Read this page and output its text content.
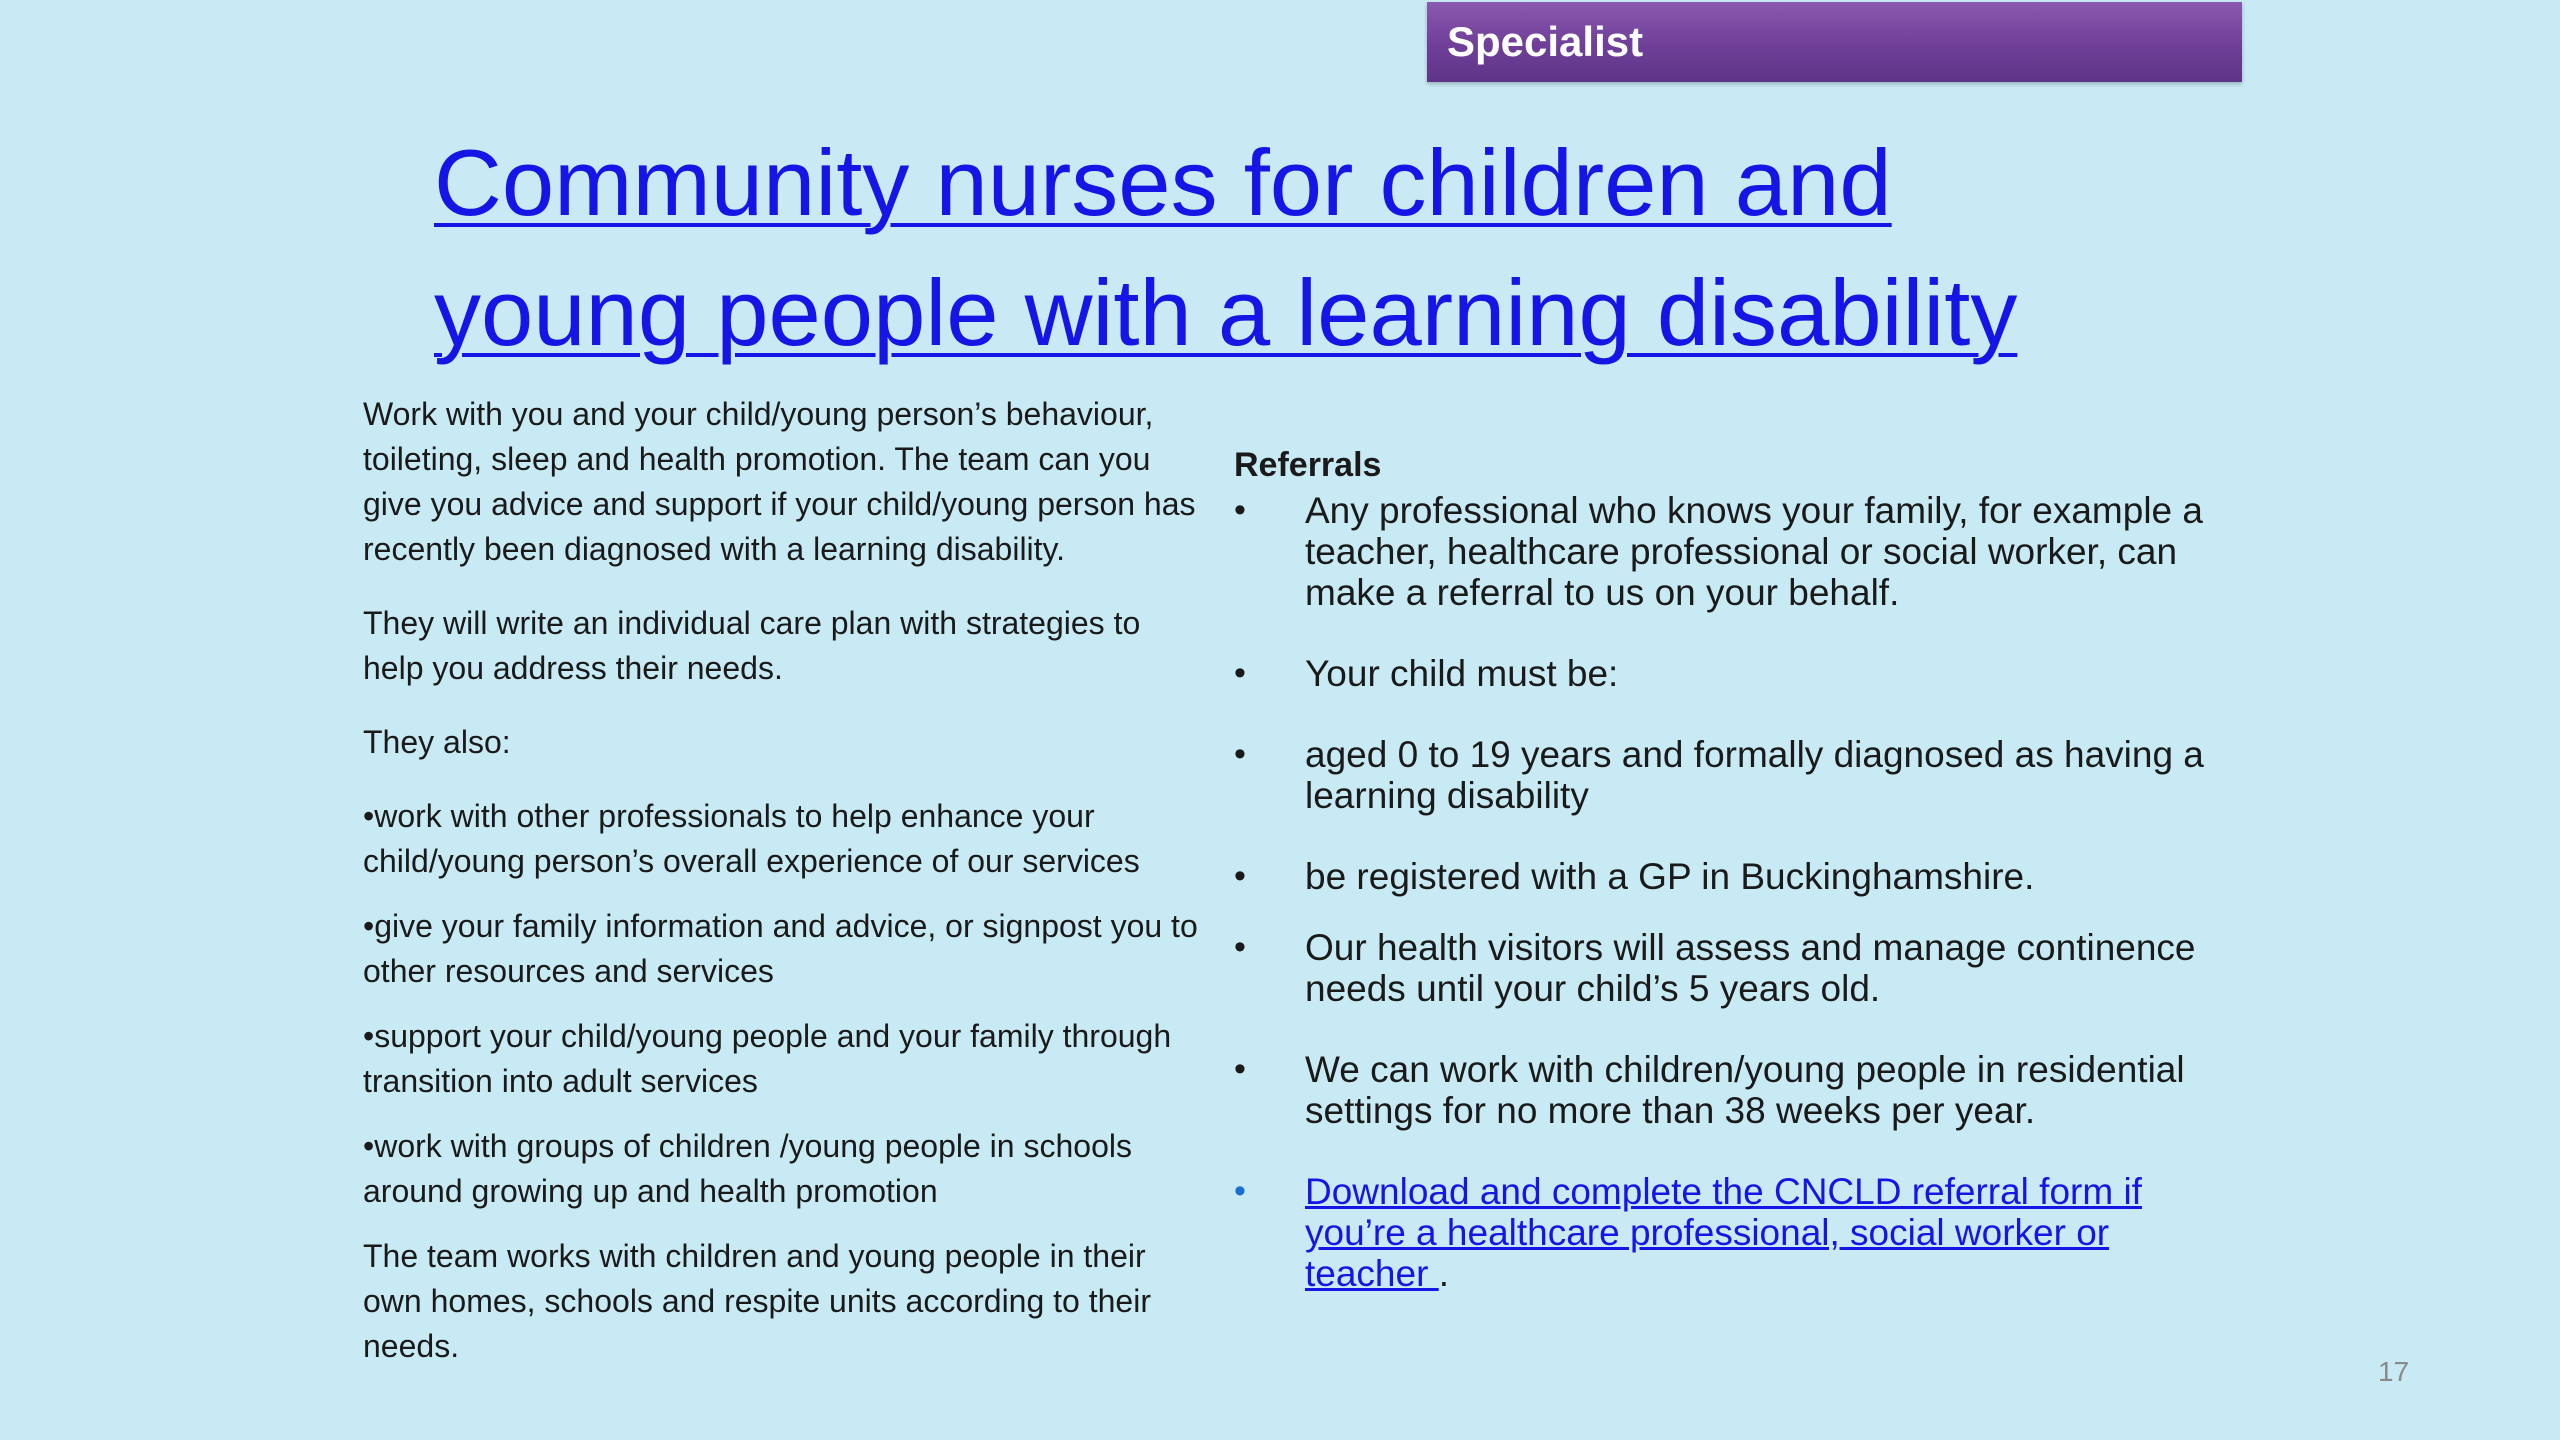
Specialist
Community nurses for children and
young people with a learning disability

Work with you and your child/young person’s behaviour, toileting, sleep and health promotion. The team can you give you advice and support if your child/young person has recently been diagnosed with a learning disability.

They will write an individual care plan with strategies to help you address their needs.

They also:

•work with other professionals to help enhance your child/young person’s overall experience of our services

•give your family information and advice, or signpost you to other resources and services

•support your child/young people and your family through transition into adult services

•work with groups of children /young people in schools around growing up and health promotion

The team works with children and young people in their own homes, schools and respite units according to their needs.

Referrals

•	Any professional who knows your family, for example a teacher, healthcare professional or social worker, can make a referral to us on your behalf.
•	Your child must be:
•	aged 0 to 19 years and formally diagnosed as having a learning disability
•	be registered with a GP in Buckinghamshire.
•	Our health visitors will assess and manage continence needs until your child’s 5 years old.
•	We can work with children/young people in residential settings for no more than 38 weeks per year.
•	Download and complete the CNCLD referral form if you’re a healthcare professional, social worker or teacher .
17
